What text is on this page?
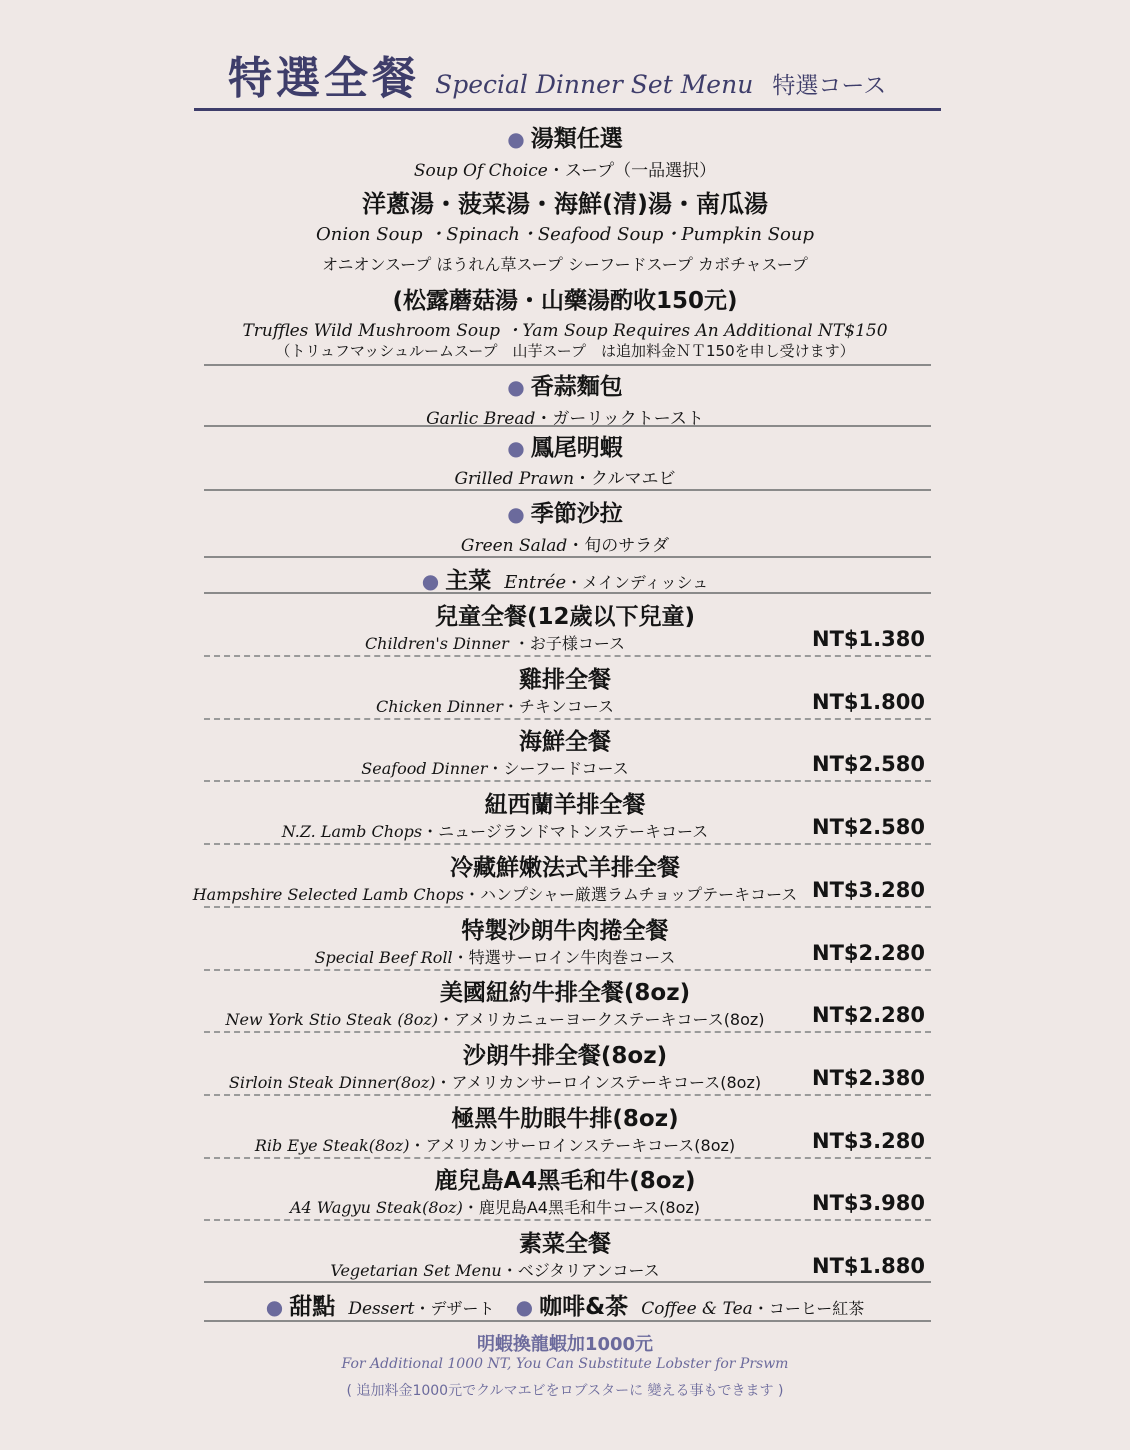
特選全餐 Special Dinner Set Menu 特選コース
● 湯類任選
Soup Of Choice・スープ（一品選択）
洋蔥湯・菠菜湯・海鮮(清)湯・南瓜湯
Onion Soup ・Spinach・Seafood Soup・Pumpkin Soup
オニオンスープ ほうれん草スープ シーフードスープ カボチャスープ
(松露蘑菇湯・山藥湯酌收150元)
Truffles Wild Mushroom Soup ・Yam Soup Requires An Additional NT$150
（トリュフマッシュルームスープ　山芋スープ　は追加料金ＮＴ150を申し受けます）
● 香蒜麵包
Garlic Bread・ガーリックトースト
● 鳳尾明蝦
Grilled Prawn・クルマエビ
● 季節沙拉
Green Salad・旬のサラダ
● 主菜 Entrée・メインディッシュ
兒童全餐(12歲以下兒童)
Children's Dinner ・お子様コース	NT$1.380
雞排全餐
Chicken Dinner・チキンコース	NT$1.800
海鮮全餐
Seafood Dinner・シーフードコース	NT$2.580
紐西蘭羊排全餐
N.Z. Lamb Chops・ニュージランドマトンステーキコース	NT$2.580
冷藏鮮嫩法式羊排全餐
Hampshire Selected Lamb Chops・ハンプシャー厳選ラムチョップテーキコース NT$3.280
特製沙朗牛肉捲全餐
Special Beef Roll・特選サーロイン牛肉巻コース	NT$2.280
美國紐約牛排全餐(8oz)
New York Stio Steak (8oz)・アメリカニューヨークステーキコース(8oz)	NT$2.280
沙朗牛排全餐(8oz)
Sirloin Steak Dinner(8oz)・アメリカンサーロインステーキコース(8oz)	NT$2.380
極黑牛肋眼牛排(8oz)
Rib Eye Steak(8oz)・アメリカンサーロインステーキコース(8oz)	NT$3.280
鹿兒島A4黑毛和牛(8oz)
A4 Wagyu Steak(8oz)・鹿児島A4黑毛和牛コース(8oz)	NT$3.980
素菜全餐
Vegetarian Set Menu・ベジタリアンコース	NT$1.880
● 甜點 Dessert・デザート ● 咖啡&茶 Coffee & Tea・コーヒー紅茶
明蝦換龍蝦加1000元
For Additional 1000 NT, You Can Substitute Lobster for Prswm
( 追加料金1000元でクルマエビをロブスターに 變える事もできます )
